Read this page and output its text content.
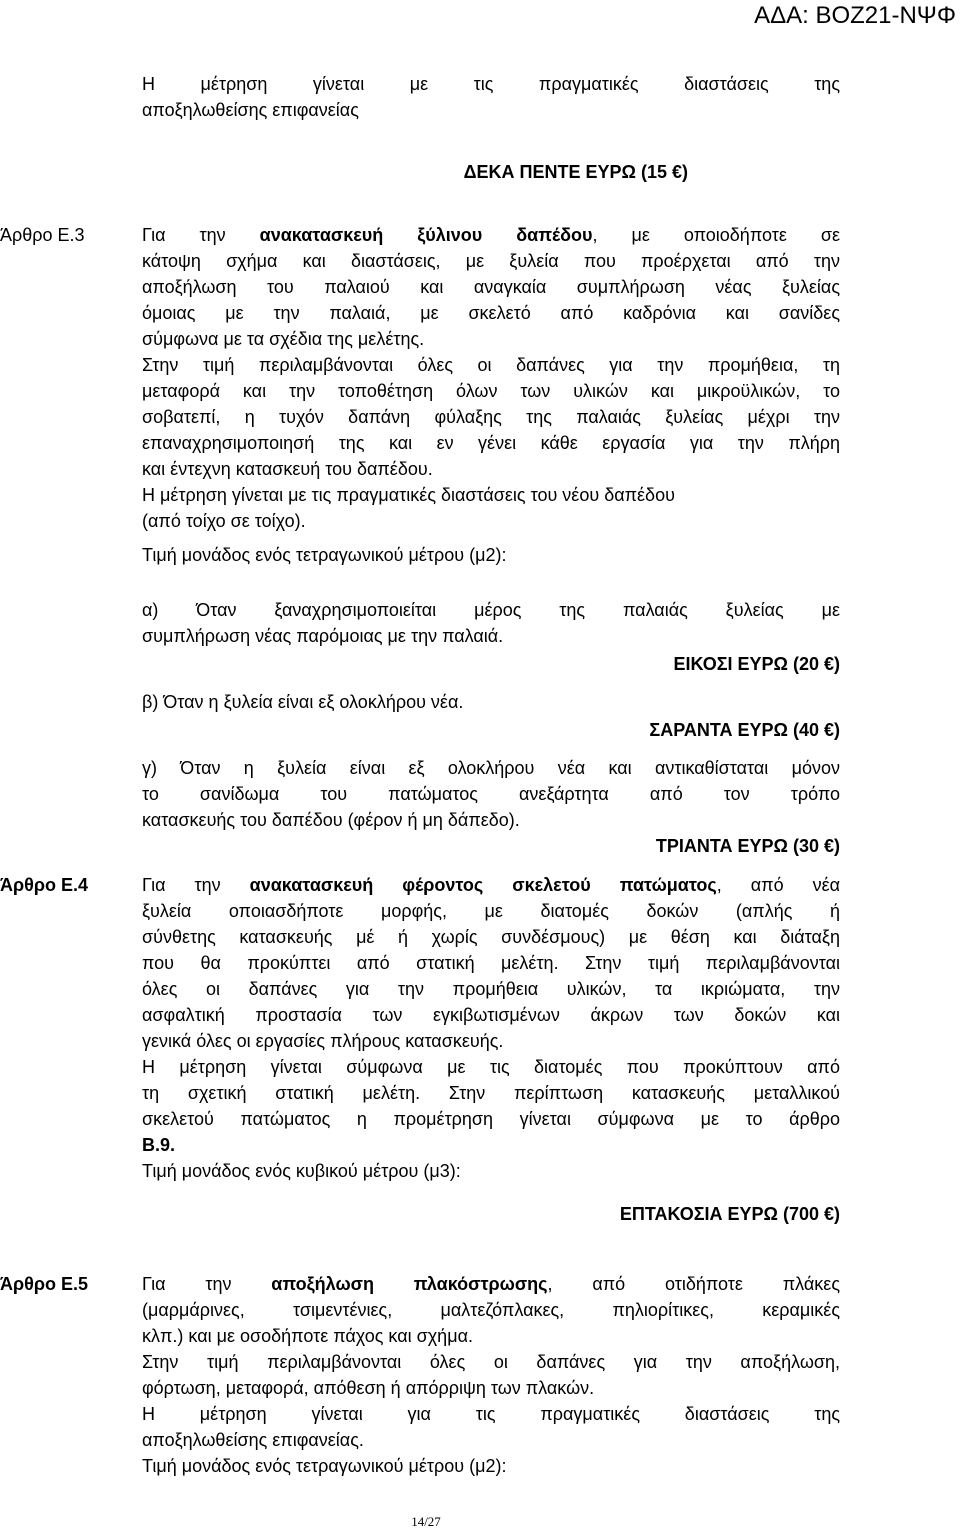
ΑΔΑ: ΒΟΖ21-ΝΨΦ
Η μέτρηση γίνεται με τις πραγματικές διαστάσεις της
αποξηλωθείσης επιφανείας
ΔΕΚΑ ΠΕΝΤΕ ΕΥΡΩ (15 €)
Άρθρο Ε.3	Για την ανακατασκευή ξύλινου δαπέδου, με οποιοδήποτε σε
κάτοψη σχήμα και διαστάσεις, με ξυλεία που προέρχεται από την
αποξήλωση του παλαιού και αναγκαία συμπλήρωση νέας ξυλείας
όμοιας με την παλαιά, με σκελετό από καδρόνια και σανίδες
σύμφωνα με τα σχέδια της μελέτης.
Στην τιμή περιλαμβάνονται όλες οι δαπάνες για την προμήθεια, τη
μεταφορά και την τοποθέτηση όλων των υλικών και μικροϋλικών, το
σοβατεπί, η τυχόν δαπάνη φύλαξης της παλαιάς ξυλείας μέχρι την
επαναχρησιμοποιησή της και εν γένει κάθε εργασία για την πλήρη
και έντεχνη κατασκευή του δαπέδου.
Η μέτρηση γίνεται με τις πραγματικές διαστάσεις του νέου δαπέδου
(από τοίχο σε τοίχο).
Τιμή μονάδος ενός τετραγωνικού μέτρου (μ2):
α) Όταν ξαναχρησιμοποιείται μέρος της παλαιάς ξυλείας με
συμπλήρωση νέας παρόμοιας με την παλαιά.
ΕΙΚΟΣΙ ΕΥΡΩ (20 €)
β) Όταν η ξυλεία είναι εξ ολοκλήρου νέα.
ΣΑΡΑΝΤΑ ΕΥΡΩ (40 €)
γ) Όταν η ξυλεία είναι εξ ολοκλήρου νέα και αντικαθίσταται μόνον
το σανίδωμα του πατώματος ανεξάρτητα από τον τρόπο
κατασκευής του δαπέδου (φέρον ή μη δάπεδο).
ΤΡΙΑΝΤΑ ΕΥΡΩ (30 €)
Άρθρο Ε.4	Για την ανακατασκευή φέροντος σκελετού πατώματος, από νέα
ξυλεία οποιασδήποτε μορφής, με διατομές δοκών (απλής ή
σύνθετης κατασκευής μέ ή χωρίς συνδέσμους) με θέση και διάταξη
που θα προκύπτει από στατική μελέτη. Στην τιμή περιλαμβάνονται
όλες οι δαπάνες για την προμήθεια υλικών, τα ικριώματα, την
ασφαλτική προστασία των εγκιβωτισμένων άκρων των δοκών και
γενικά όλες οι εργασίες πλήρους κατασκευής.
Η μέτρηση γίνεται σύμφωνα με τις διατομές που προκύπτουν από
τη σχετική στατική μελέτη. Στην περίπτωση κατασκευής μεταλλικού
σκελετού πατώματος η προμέτρηση γίνεται σύμφωνα με το άρθρο
Β.9.
Τιμή μονάδος ενός κυβικού μέτρου (μ3):
ΕΠΤΑΚΟΣΙΑ ΕΥΡΩ (700 €)
Άρθρο Ε.5	Για την αποξήλωση πλακόστρωσης, από οτιδήποτε πλάκες
(μαρμάρινες, τσιμεντένιες, μαλτεζόπλακες, πηλιορίτικες, κεραμικές
κλπ.) και με οσοδήποτε πάχος και σχήμα.
Στην τιμή περιλαμβάνονται όλες οι δαπάνες για την αποξήλωση,
φόρτωση, μεταφορά, απόθεση ή απόρριψη των πλακών.
Η μέτρηση γίνεται για τις πραγματικές διαστάσεις της
αποξηλωθείσης επιφανείας.
Τιμή μονάδος ενός τετραγωνικού μέτρου (μ2):
14/27
